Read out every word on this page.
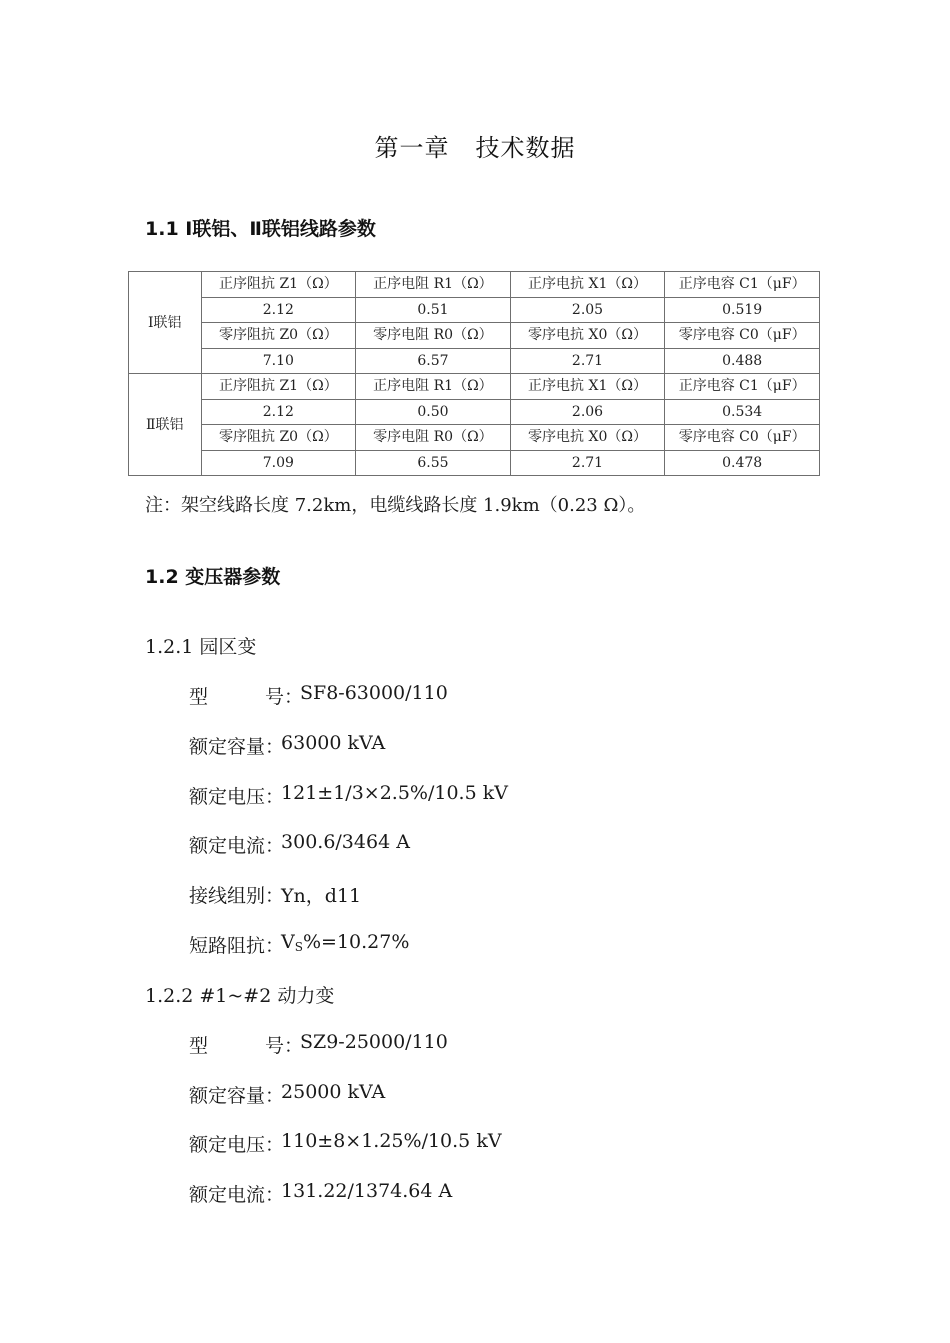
第一章 技术数据
1.1 Ⅰ联铝、Ⅱ联铝线路参数
Ⅰ联铝	正序阻抗 Z1（Ω）	正序电阻 R1（Ω）	正序电抗 X1（Ω）	正序电容 C1（μF）
	2.12	0.51	2.05	0.519
	零序阻抗 Z0（Ω）	零序电阻 R0（Ω）	零序电抗 X0（Ω）	零序电容 C0（μF）
	7.10	6.57	2.71	0.488
Ⅱ联铝	正序阻抗 Z1（Ω）	正序电阻 R1（Ω）	正序电抗 X1（Ω）	正序电容 C1（μF）
	2.12	0.50	2.06	0.534
	零序阻抗 Z0（Ω）	零序电阻 R0（Ω）	零序电抗 X0（Ω）	零序电容 C0（μF）
	7.09	6.55	2.71	0.478
注：架空线路长度 7.2km，电缆线路长度 1.9km（0.23 Ω）。
1.2 变压器参数
1.2.1 园区变
型	号 ：
SF8-63000/110
额定容量 ：
63000 kVA
额定电压 ：
121±1/3×2.5%/10.5 kV
额定电流 ：
300.6/3464 A
接线组别 ：
Yn，d11
短路阻抗 ：
$V_S\%=10.27\%$
1.2.2 #1~#2 动力变
型	号 ：
SZ9-25000/110
额定容量 ：
25000 kVA
额定电压 ：
110±8×1.25%/10.5 kV
额定电流 ：
131.22/1374.64 A
